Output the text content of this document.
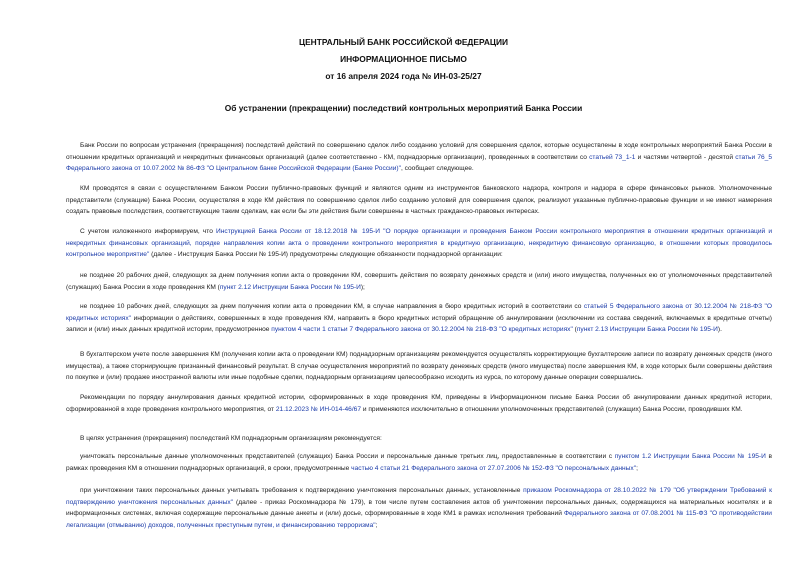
ЦЕНТРАЛЬНЫЙ БАНК РОССИЙСКОЙ ФЕДЕРАЦИИ
ИНФОРМАЦИОННОЕ ПИСЬМО
от 16 апреля 2024 года № ИН-03-25/27
Об устранении (прекращении) последствий контрольных мероприятий Банка России
Банк России по вопросам устранения (прекращения) последствий действий по совершению сделок либо созданию условий для совершения сделок, которые осуществлены в ходе контрольных мероприятий Банка России в отношении кредитных организаций и некредитных финансовых организаций (далее соответственно - КМ, поднадзорные организации), проведенных в соответствии со статьей 73_1-1 и частями четвертой - десятой статьи 76_5 Федерального закона от 10.07.2002 № 86-ФЗ "О Центральном банке Российской Федерации (Банке России)", сообщает следующее.
КМ проводятся в связи с осуществлением Банком России публично-правовых функций и являются одним из инструментов банковского надзора, контроля и надзора в сфере финансовых рынков. Уполномоченные представители (служащие) Банка России, осуществляя в ходе КМ действия по совершению сделок либо созданию условий для совершения сделок, реализуют указанные публично-правовые функции и не имеют намерения создать правовые последствия, соответствующие таким сделкам, как если бы эти действия были совершены в частных гражданско-правовых интересах.
С учетом изложенного информируем, что Инструкцией Банка России от 18.12.2018 № 195-И "О порядке организации и проведения Банком России контрольного мероприятия в отношении кредитных организаций и некредитных финансовых организаций, порядке направления копии акта о проведении контрольного мероприятия в кредитную организацию, некредитную финансовую организацию, в отношении которых проводилось контрольное мероприятие" (далее - Инструкция Банка России № 195-И) предусмотрены следующие обязанности поднадзорной организации:
не позднее 20 рабочих дней, следующих за днем получения копии акта о проведении КМ, совершить действия по возврату денежных средств и (или) иного имущества, полученных ею от уполномоченных представителей (служащих) Банка России в ходе проведения КМ (пункт 2.12 Инструкции Банка России № 195-И);
не позднее 10 рабочих дней, следующих за днем получения копии акта о проведении КМ, в случае направления в бюро кредитных историй в соответствии со статьей 5 Федерального закона от 30.12.2004 № 218-ФЗ "О кредитных историях" информации о действиях, совершенных в ходе проведения КМ, направить в бюро кредитных историй обращение об аннулировании (исключении из состава сведений, включаемых в кредитные отчеты) записи и (или) иных данных кредитной истории, предусмотренное пунктом 4 части 1 статьи 7 Федерального закона от 30.12.2004 № 218-ФЗ "О кредитных историях" (пункт 2.13 Инструкции Банка России № 195-И).
В бухгалтерском учете после завершения КМ (получения копии акта о проведении КМ) поднадзорным организациям рекомендуется осуществлять корректирующие бухгалтерские записи по возврату денежных средств (иного имущества), а также сторнирующие признанный финансовый результат. В случае осуществления мероприятий по возврату денежных средств (иного имущества) после завершения КМ, в ходе которых были совершены действия по покупке и (или) продаже иностранной валюты или иные подобные сделки, поднадзорным организациям целесообразно исходить из курса, по которому данные операции совершались.
Рекомендации по порядку аннулирования данных кредитной истории, сформированных в ходе проведения КМ, приведены в Информационном письме Банка России об аннулировании данных кредитной истории, сформированной в ходе проведения контрольного мероприятия, от 21.12.2023 № ИН-014-46/67 и применяются исключительно в отношении уполномоченных представителей (служащих) Банка России, проводивших КМ.
В целях устранения (прекращения) последствий КМ поднадзорным организациям рекомендуется:
уничтожать персональные данные уполномоченных представителей (служащих) Банка России и персональные данные третьих лиц, предоставленные в соответствии с пунктом 1.2 Инструкции Банка России № 195-И в рамках проведения КМ в отношении поднадзорных организаций, в сроки, предусмотренные частью 4 статьи 21 Федерального закона от 27.07.2006 № 152-ФЗ "О персональных данных";
при уничтожении таких персональных данных учитывать требования к подтверждению уничтожения персональных данных, установленные приказом Роскомнадзора от 28.10.2022 № 179 "Об утверждении Требований к подтверждению уничтожения персональных данных" (далее - приказ Роскомнадзора № 179), в том числе путем составления актов об уничтожении персональных данных, содержащихся на материальных носителях и в информационных системах, включая содержащие персональные данные анкеты и (или) досье, сформированные в ходе КМ1 в рамках исполнения требований Федерального закона от 07.08.2001 № 115-ФЗ "О противодействии легализации (отмыванию) доходов, полученных преступным путем, и финансированию терроризма";
